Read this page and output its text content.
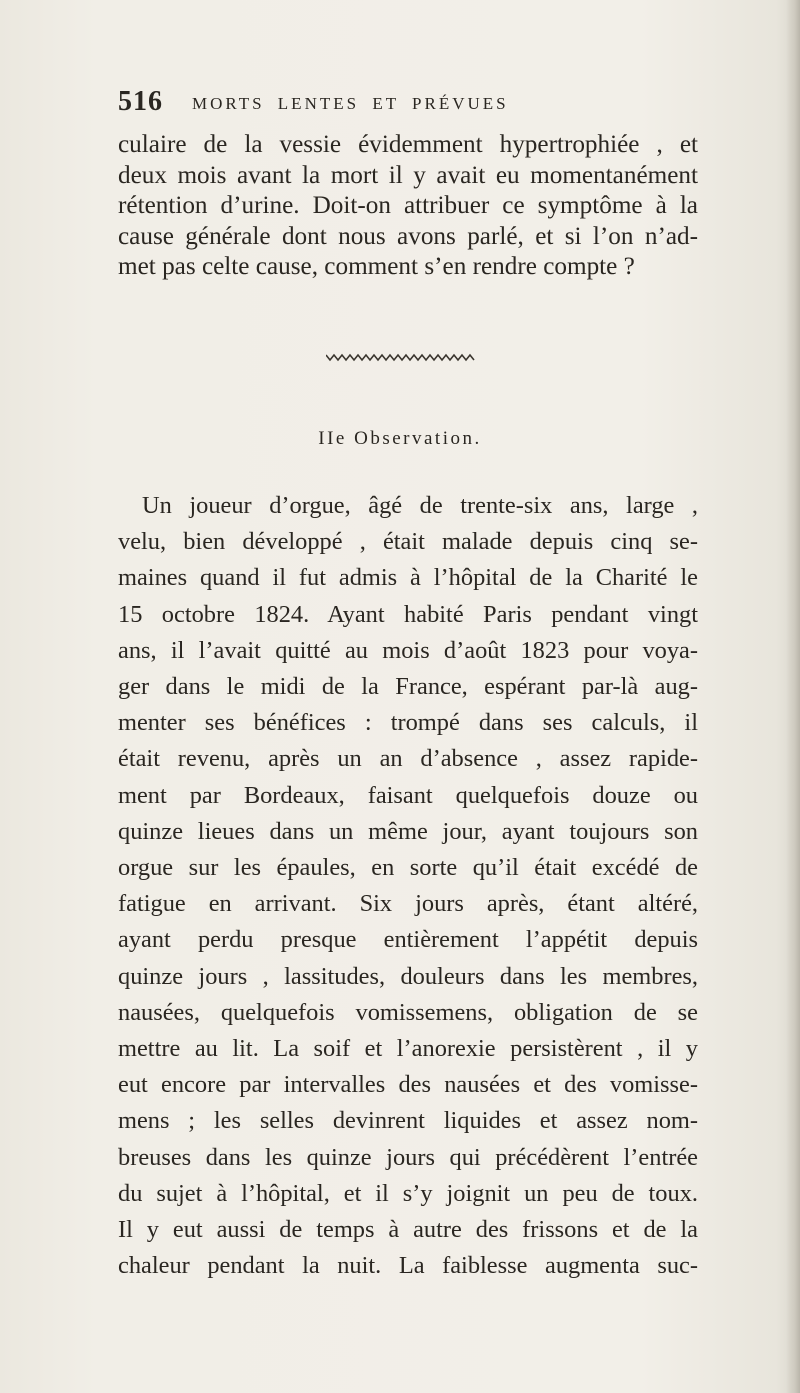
516 MORTS LENTES ET PRÉVUES
culaire de la vessie évidemment hypertrophiée , et
deux mois avant la mort il y avait eu momentanément
rétention d’urine. Doit-on attribuer ce symptôme à la
cause générale dont nous avons parlé, et si l’on n’ad-
met pas celte cause, comment s’en rendre compte ?
IIe Observation.
Un joueur d’orgue, âgé de trente-six ans, large ,
velu, bien développé , était malade depuis cinq se-
maines quand il fut admis à l’hôpital de la Charité le
15 octobre 1824. Ayant habité Paris pendant vingt
ans, il l’avait quitté au mois d’août 1823 pour voya-
ger dans le midi de la France, espérant par-là aug-
menter ses bénéfices : trompé dans ses calculs, il
était revenu, après un an d’absence , assez rapide-
ment par Bordeaux, faisant quelquefois douze ou
quinze lieues dans un même jour, ayant toujours son
orgue sur les épaules, en sorte qu’il était excédé de
fatigue en arrivant. Six jours après, étant altéré,
ayant perdu presque entièrement l’appétit depuis
quinze jours , lassitudes, douleurs dans les membres,
nausées, quelquefois vomissemens, obligation de se
mettre au lit. La soif et l’anorexie persistèrent , il y
eut encore par intervalles des nausées et des vomisse-
mens ; les selles devinrent liquides et assez nom-
breuses dans les quinze jours qui précédèrent l’entrée
du sujet à l’hôpital, et il s’y joignit un peu de toux.
Il y eut aussi de temps à autre des frissons et de la
chaleur pendant la nuit. La faiblesse augmenta suc-
